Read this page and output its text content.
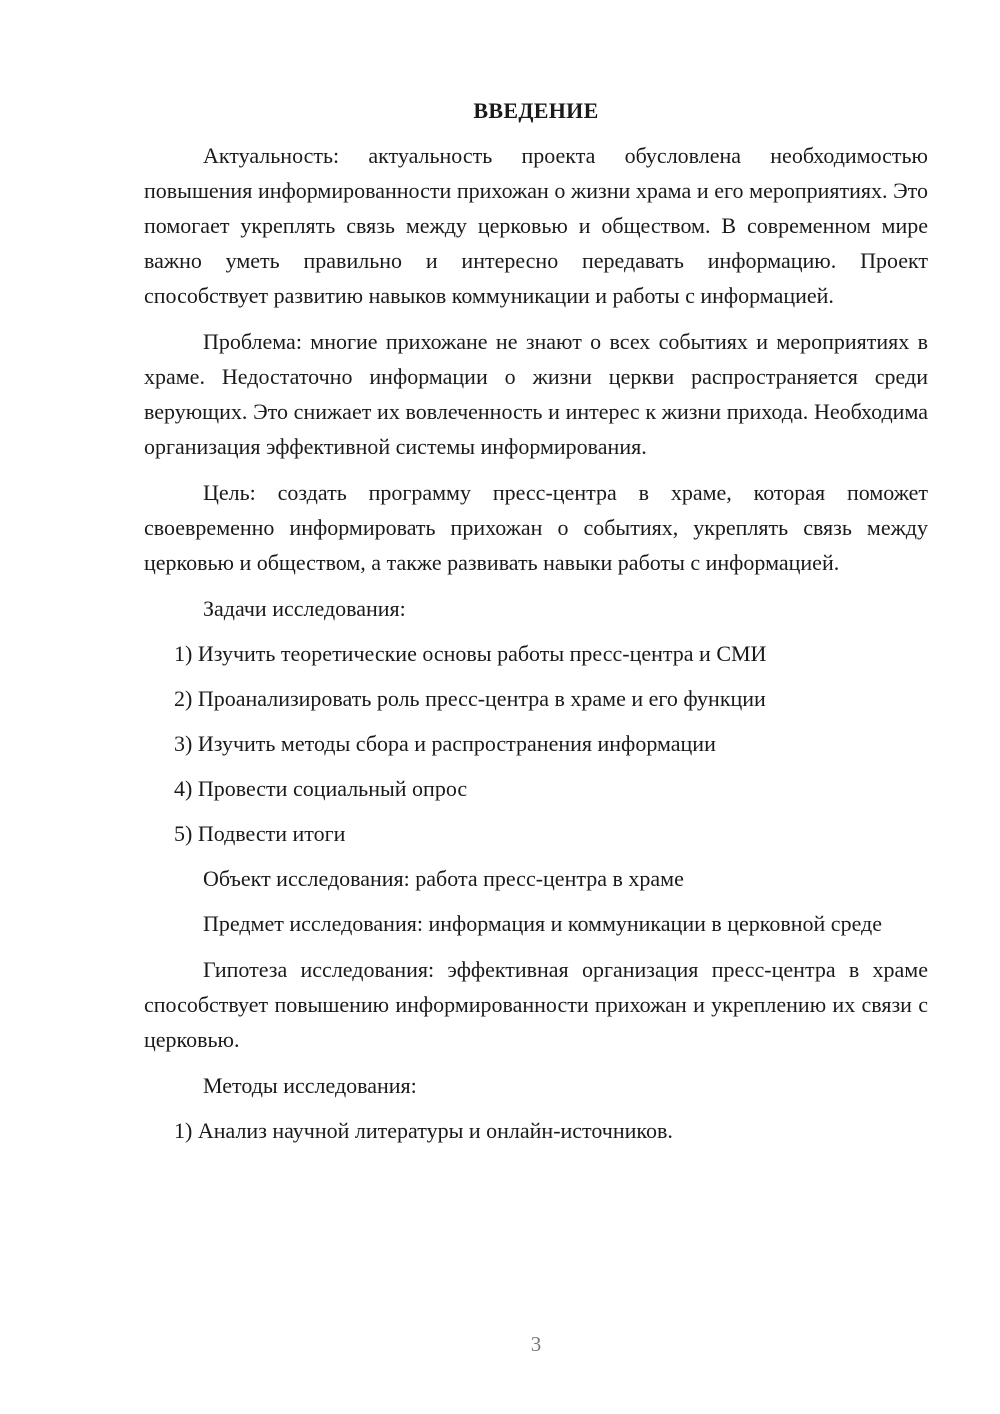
ВВЕДЕНИЕ

Актуальность: актуальность проекта обусловлена необходимостью повышения информированности прихожан о жизни храма и его мероприятиях. Это помогает укреплять связь между церковью и обществом. В современном мире важно уметь правильно и интересно передавать информацию. Проект способствует развитию навыков коммуникации и работы с информацией.

Проблема: многие прихожане не знают о всех событиях и мероприятиях в храме. Недостаточно информации о жизни церкви распространяется среди верующих. Это снижает их вовлеченность и интерес к жизни прихода. Необходима организация эффективной системы информирования.

Цель: создать программу пресс-центра в храме, которая поможет своевременно информировать прихожан о событиях, укреплять связь между церковью и обществом, а также развивать навыки работы с информацией.

Задачи исследования:
1) Изучить теоретические основы работы пресс-центра и СМИ
2) Проанализировать роль пресс-центра в храме и его функции
3) Изучить методы сбора и распространения информации
4) Провести социальный опрос
5) Подвести итоги
Объект исследования: работа пресс-центра в храме

Предмет исследования: информация и коммуникации в церковной среде

Гипотеза исследования: эффективная организация пресс-центра в храме способствует повышению информированности прихожан и укреплению их связи с церковью.

Методы исследования:
1) Анализ научной литературы и онлайн-источников.
3
